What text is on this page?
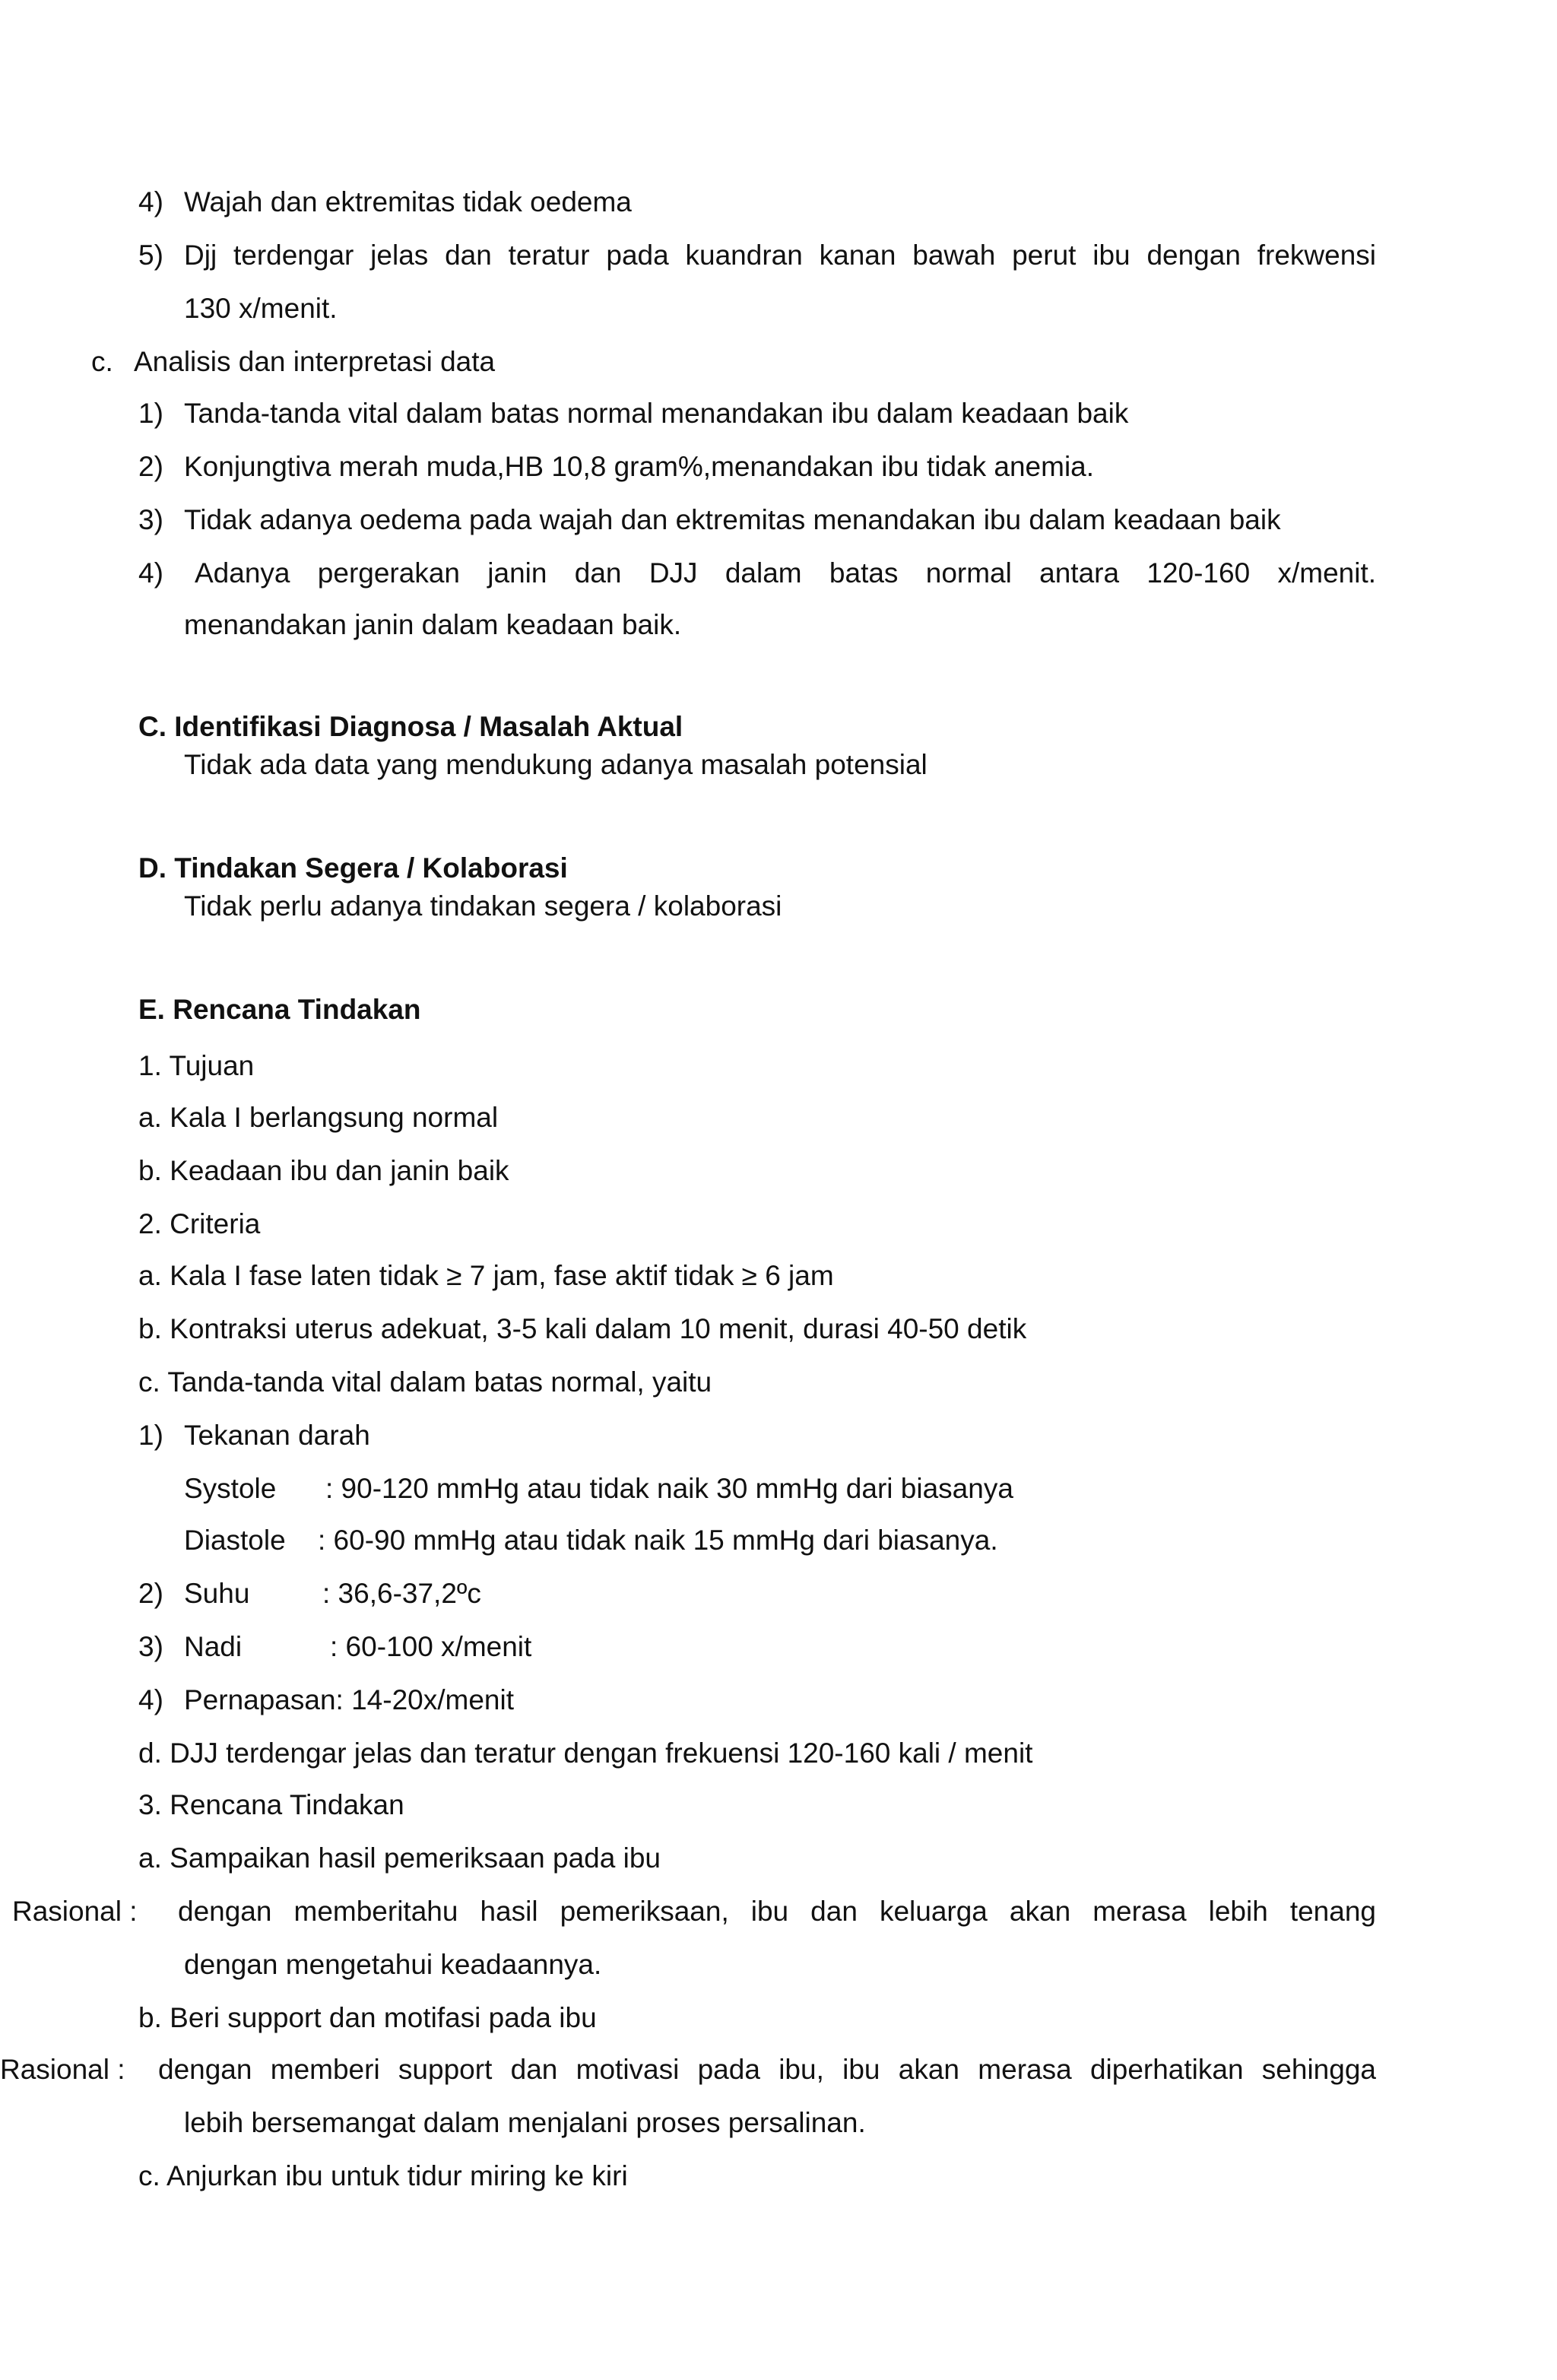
4) Wajah dan ektremitas tidak oedema
5) Djj terdengar jelas dan teratur pada kuandran kanan bawah perut ibu dengan frekwensi
130 x/menit.
c. Analisis dan interpretasi data
1) Tanda-tanda vital dalam batas normal menandakan ibu dalam keadaan baik
2) Konjungtiva merah muda,HB 10,8 gram%,menandakan ibu tidak anemia.
3) Tidak adanya oedema pada wajah dan ektremitas menandakan ibu dalam keadaan baik
4) Adanya pergerakan janin dan DJJ dalam batas normal antara 120-160 x/menit.
menandakan janin dalam keadaan baik.
C. Identifikasi Diagnosa / Masalah Aktual
Tidak ada data yang mendukung adanya masalah potensial
D. Tindakan Segera / Kolaborasi
Tidak perlu adanya tindakan segera / kolaborasi
E. Rencana Tindakan
1. Tujuan
a. Kala I berlangsung normal
b. Keadaan ibu dan janin baik
2. Criteria
a. Kala I fase laten tidak ≥ 7 jam, fase aktif tidak ≥ 6 jam
b. Kontraksi uterus adekuat, 3-5 kali dalam 10 menit, durasi 40-50 detik
c. Tanda-tanda vital dalam batas normal, yaitu
1) Tekanan darah
Systole : 90-120 mmHg atau tidak naik 30 mmHg dari biasanya
Diastole : 60-90 mmHg atau tidak naik 15 mmHg dari biasanya.
2) Suhu	: 36,6-37,2ºc
3) Nadi	: 60-100 x/menit
4) Pernapasan: 14-20x/menit
d. DJJ terdengar jelas dan teratur dengan frekuensi 120-160 kali / menit
3. Rencana Tindakan
a. Sampaikan hasil pemeriksaan pada ibu
Rasional : dengan memberitahu hasil pemeriksaan, ibu dan keluarga akan merasa lebih tenang
dengan mengetahui keadaannya.
b. Beri support dan motifasi pada ibu
Rasional : dengan memberi support dan motivasi pada ibu, ibu akan merasa diperhatikan sehingga
lebih bersemangat dalam menjalani proses persalinan.
c. Anjurkan ibu untuk tidur miring ke kiri
